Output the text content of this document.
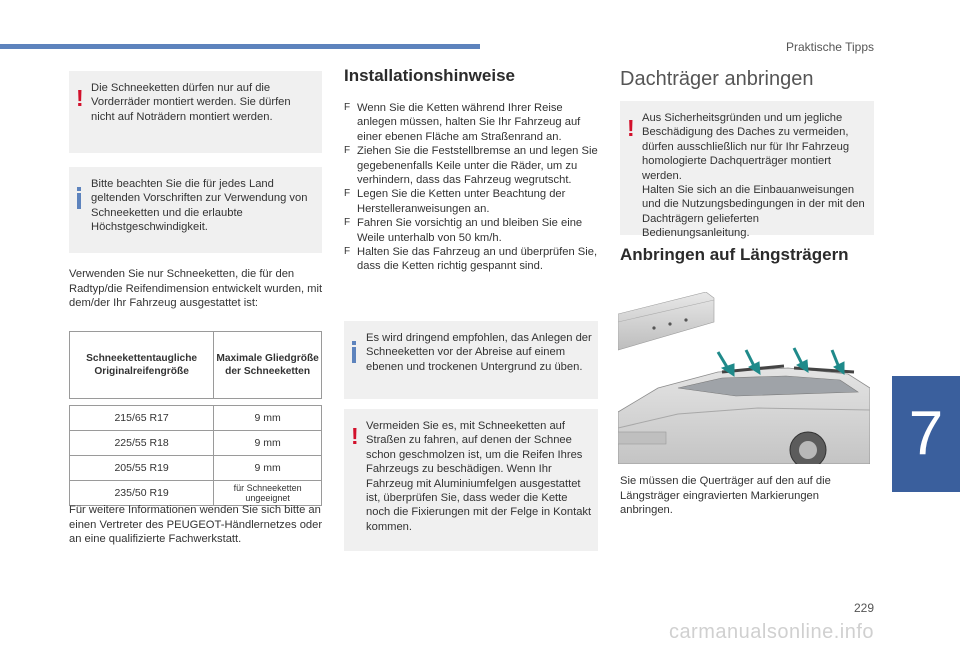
Praktische Tipps
7
229
carmanualsonline.info
! Die Schneeketten dürfen nur auf die Vorderräder montiert werden. Sie dürfen nicht auf Noträdern montiert werden.
Bitte beachten Sie die für jedes Land geltenden Vorschriften zur Verwendung von Schneeketten und die erlaubte Höchstgeschwindigkeit.
Verwenden Sie nur Schneeketten, die für den Radtyp/die Reifendimension entwickelt wurden, mit dem/der Ihr Fahrzeug ausgestattet ist:
Schneekettentaugliche Originalreifengröße	Maximale Gliedgröße der Schneeketten

215/65 R17	9 mm
225/55 R18	9 mm
205/55 R19	9 mm
235/50 R19	für Schneeketten ungeeignet
Für weitere Informationen wenden Sie sich bitte an einen Vertreter des PEUGEOT-Händlernetzes oder an eine qualifizierte Fachwerkstatt.
Installationshinweise
F Wenn Sie die Ketten während Ihrer Reise anlegen müssen, halten Sie Ihr Fahrzeug auf einer ebenen Fläche am Straßenrand an.
F Ziehen Sie die Feststellbremse an und legen Sie gegebenenfalls Keile unter die Räder, um zu verhindern, dass das Fahrzeug wegrutscht.
F Legen Sie die Ketten unter Beachtung der Herstelleranweisungen an.
F Fahren Sie vorsichtig an und bleiben Sie eine Weile unterhalb von 50 km/h.
F Halten Sie das Fahrzeug an und überprüfen Sie, dass die Ketten richtig gespannt sind.
Es wird dringend empfohlen, das Anlegen der Schneeketten vor der Abreise auf einem ebenen und trockenen Untergrund zu üben.
! Vermeiden Sie es, mit Schneeketten auf Straßen zu fahren, auf denen der Schnee schon geschmolzen ist, um die Reifen Ihres Fahrzeugs zu beschädigen. Wenn Ihr Fahrzeug mit Aluminiumfelgen ausgestattet ist, überprüfen Sie, dass weder die Kette noch die Fixierungen mit der Felge in Kontakt kommen.
Dachträger anbringen
! Aus Sicherheitsgründen und um jegliche Beschädigung des Daches zu vermeiden, dürfen ausschließlich nur für Ihr Fahrzeug homologierte Dachquerträger montiert werden.
Halten Sie sich an die Einbauanweisungen und die Nutzungsbedingungen in der mit den Dachträgern gelieferten Bedienungsanleitung.
Anbringen auf Längsträgern
Sie müssen die Querträger auf den auf die Längsträger eingravierten Markierungen anbringen.
